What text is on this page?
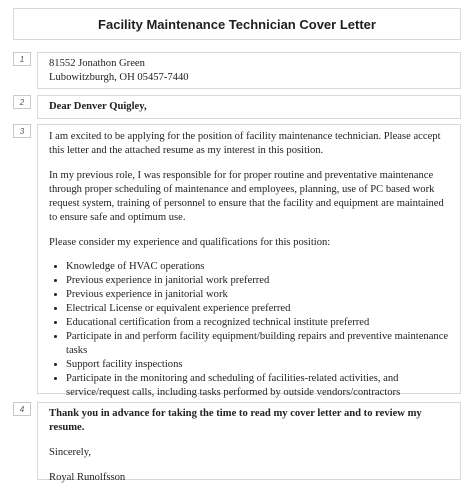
Facility Maintenance Technician Cover Letter
1	81552 Jonathon Green

Lubowitzburgh, OH 05457-7440

2	Dear Denver Quigley,

3	I am excited to be applying for the position of facility maintenance technician. Please accept this letter and the attached resume as my interest in this position.

In my previous role, I was responsible for for proper routine and preventative maintenance through proper scheduling of maintenance and employees, planning, use of PC based work request system, training of personnel to ensure that the facility and equipment are maintained to ensure safe and optimum use.

Please consider my experience and qualifications for this position:

• Knowledge of HVAC operations
• Previous experience in janitorial work preferred
• Previous experience in janitorial work
• Electrical License or equivalent experience preferred
• Educational certification from a recognized technical institute preferred
• Participate in and perform facility equipment/building repairs and preventive maintenance tasks
• Support facility inspections
• Participate in the monitoring and scheduling of facilities-related activities, and service/request calls, including tasks performed by outside vendors/contractors
4	Thank you in advance for taking the time to read my cover letter and to review my resume.

Sincerely,

Royal Runolfsson
